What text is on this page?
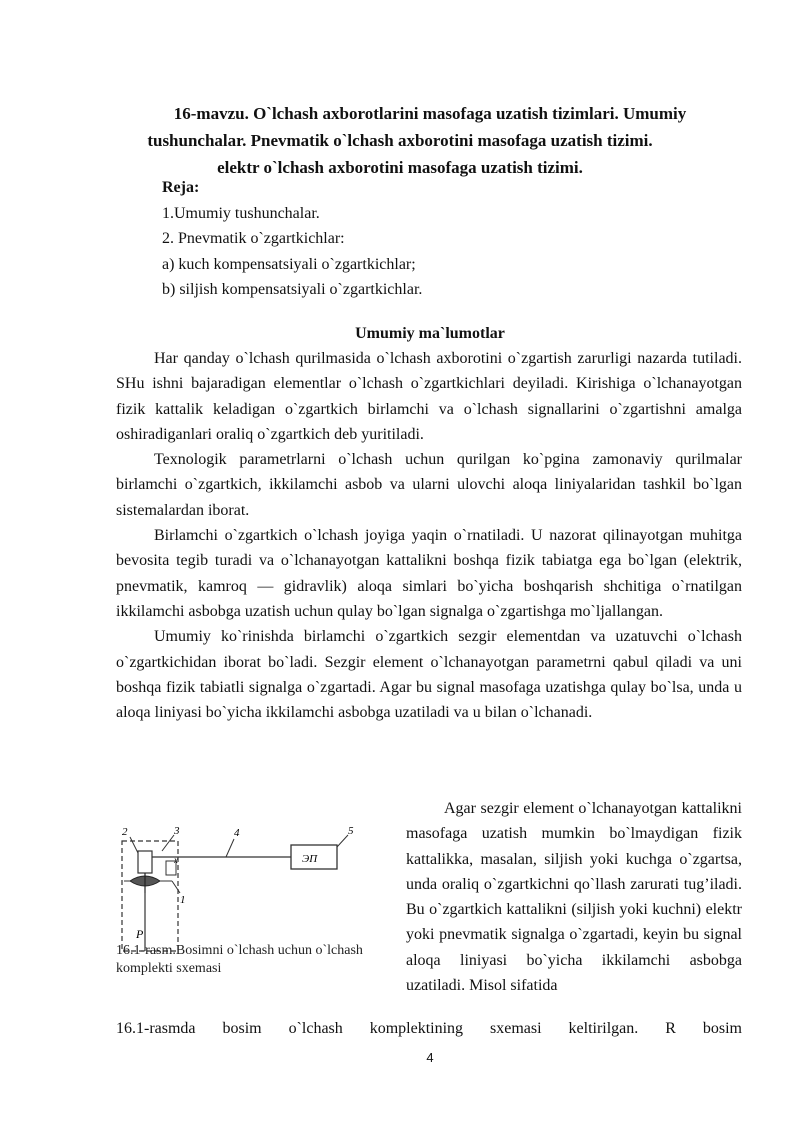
16-mavzu. O`lchash axborotlarini masofaga uzatish tizimlari. Umumiy
tushunchalar. Pnevmatik o`lchash axborotini masofaga uzatish tizimi.
elektr o`lchash axborotini masofaga uzatish tizimi.
Reja:
1.Umumiy tushunchalar.
2. Pnevmatik o`zgartkichlar:
a) kuch kompensatsiyali o`zgartkichlar;
b) siljish kompensatsiyali o`zgartkichlar.
Umumiy ma`lumotlar

Har qanday o`lchash qurilmasida o`lchash axborotini o`zgartish zarurligi nazarda tutiladi. SHu ishni bajaradigan elementlar o`lchash o`zgartkichlari deyiladi. Kirishiga o`lchanayotgan fizik kattalik keladigan o`zgartkich birlamchi va o`lchash signallarini o`zgartishni amalga oshiradiganlari oraliq o`zgartkich deb yuritiladi.

Texnologik parametrlarni o`lchash uchun qurilgan ko`pgina zamonaviy qurilmalar birlamchi o`zgartkich, ikkilamchi asbob va ularni ulovchi aloqa liniyalaridan tashkil bo`lgan sistemalardan iborat.

Birlamchi o`zgartkich o`lchash joyiga yaqin o`rnatiladi. U nazorat qilinayotgan muhitga bevosita tegib turadi va o`lchanayotgan kattalikni boshqa fizik tabiatga ega bo`lgan (elektrik, pnevmatik, kamroq — gidravlik) aloqa simlari bo`yicha boshqarish shchitiga o`rnatilgan ikkilamchi asbobga uzatish uchun qulay bo`lgan signalga o`zgartishga mo`ljallangan.

Umumiy ko`rinishda birlamchi o`zgartkich sezgir elementdan va uzatuvchi o`lchash o`zgartkichidan iborat bo`ladi. Sezgir element o`lchanayotgan parametrni qabul qiladi va uni boshqa fizik tabiatli signalga o`zgartadi. Agar bu signal masofaga uzatishga qulay bo`lsa, unda u aloqa liniyasi bo`yicha ikkilamchi asbobga uzatiladi va u bilan o`lchanadi.

P
x	ЭП
2	3	4	5
1
16.1-rasm.Bosimni o`lchash uchun o`lchash komplekti sxemasi

Agar sezgir element o`lchanayotgan kattalikni masofaga uzatish mumkin bo`lmaydigan fizik kattalikka, masalan, siljish yoki kuchga o`zgartsa, unda oraliq o`zgartkichni qo`llash zarurati tug’iladi. Bu o`zgartkich kattalikni (siljish yoki kuchni) elektr yoki pnevmatik signalga o`zgartadi, keyin bu signal aloqa liniyasi bo`yicha ikkilamchi asbobga uzatiladi. Misol sifatida

16.1-rasmda bosim o`lchash komplektining sxemasi keltirilgan. R bosim
4
